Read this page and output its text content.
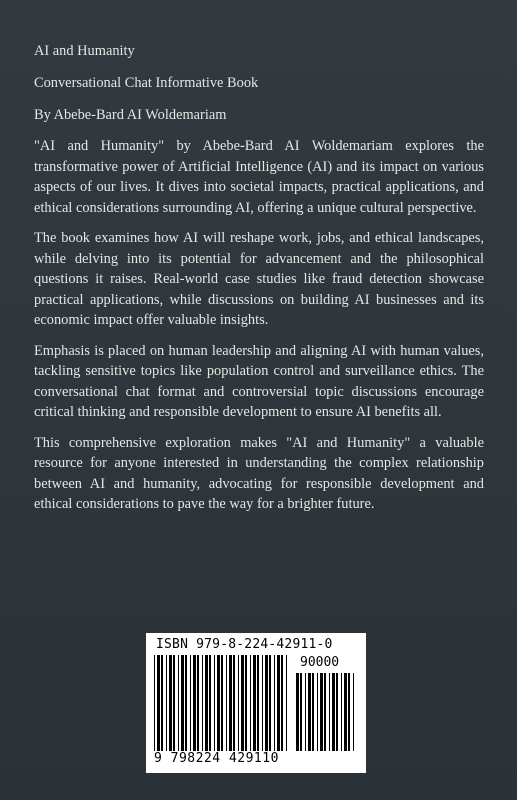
AI and Humanity
Conversational Chat Informative Book
By Abebe-Bard AI Woldemariam

"AI and Humanity" by Abebe-Bard AI Woldemariam explores the transformative power of Artificial Intelligence (AI) and its impact on various aspects of our lives. It dives into societal impacts, practical applications, and ethical considerations surrounding AI, offering a unique cultural perspective.

The book examines how AI will reshape work, jobs, and ethical landscapes, while delving into its potential for advancement and the philosophical questions it raises. Real-world case studies like fraud detection showcase practical applications, while discussions on building AI businesses and its economic impact offer valuable insights.

Emphasis is placed on human leadership and aligning AI with human values, tackling sensitive topics like population control and surveillance ethics. The conversational chat format and controversial topic discussions encourage critical thinking and responsible development to ensure AI benefits all.

This comprehensive exploration makes "AI and Humanity" a valuable resource for anyone interested in understanding the complex relationship between AI and humanity, advocating for responsible development and ethical considerations to pave the way for a brighter future.

ISBN 979-8-224-42911-0
90000
9 798224 429110
